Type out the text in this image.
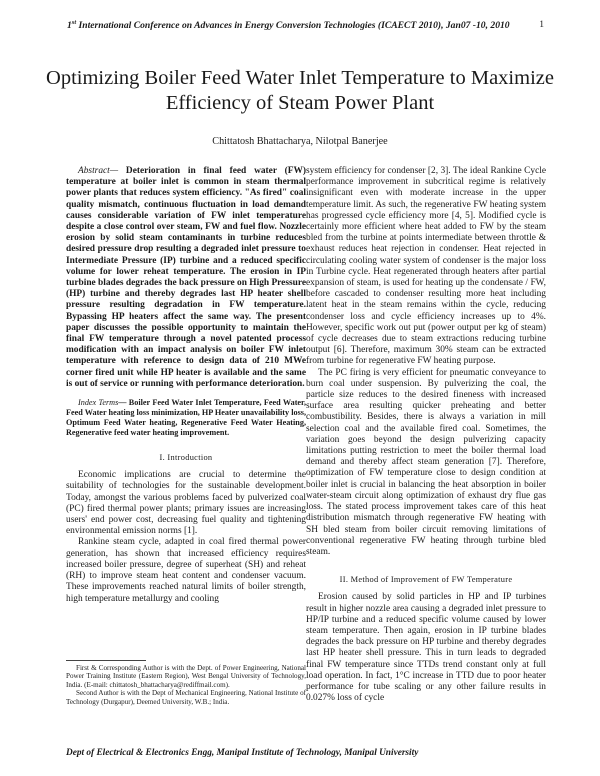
1st International Conference on Advances in Energy Conversion Technologies (ICAECT 2010), Jan07 -10, 2010	1
Optimizing Boiler Feed Water Inlet Temperature to Maximize Efficiency of Steam Power Plant
Chittatosh Bhattacharya, Nilotpal Banerjee

Abstract— Deterioration in final feed water (FW) temperature at boiler inlet is common in steam thermal power plants that reduces system efficiency. "As fired" coal quality mismatch, continuous fluctuation in load demand causes considerable variation of FW inlet temperature despite a close control over steam, FW and fuel flow. Nozzle erosion by solid steam contaminants in turbine reduces desired pressure drop resulting a degraded inlet pressure to Intermediate Pressure (IP) turbine and a reduced specific volume for lower reheat temperature. The erosion in IP turbine blades degrades the back pressure on High Pressure (HP) turbine and thereby degrades last HP heater shell pressure resulting degradation in FW temperature. Bypassing HP heaters affect the same way. The present paper discusses the possible opportunity to maintain the final FW temperature through a novel patented process modification with an impact analysis on boiler FW inlet temperature with reference to design data of 210 MWe corner fired unit while HP heater is available and the same is out of service or running with performance deterioration.

Index Terms— Boiler Feed Water Inlet Temperature, Feed Water, Feed Water heating loss minimization, HP Heater unavailability loss, Optimum Feed Water heating, Regenerative Feed Water Heating, Regenerative feed water heating improvement.

I. Introduction

Economic implications are crucial to determine the suitability of technologies for the sustainable development. Today, amongst the various problems faced by pulverized coal (PC) fired thermal power plants; primary issues are increasing users' end power cost, decreasing fuel quality and tightening environmental emission norms [1].

Rankine steam cycle, adapted in coal fired thermal power generation, has shown that increased efficiency requires increased boiler pressure, degree of superheat (SH) and reheat (RH) to improve steam heat content and condenser vacuum. These improvements reached natural limits of boiler strength, high temperature metallurgy and cooling

First & Corresponding Author is with the Dept. of Power Engineering, National Power Training Institute (Eastern Region), West Bengal University of Technology, India. (E-mail: chittatosh_bhattacharya@rediffmail.com).

Second Author is with the Dept of Mechanical Engineering, National Institute of Technology (Durgapur), Deemed University, W.B.; India.

system efficiency for condenser [2, 3]. The ideal Rankine Cycle performance improvement in subcritical regime is relatively insignificant even with moderate increase in the upper temperature limit. As such, the regenerative FW heating system has progressed cycle efficiency more [4, 5]. Modified cycle is certainly more efficient where heat added to FW by the steam bled from the turbine at points intermediate between throttle & exhaust reduces heat rejection in condenser. Heat rejected in circulating cooling water system of condenser is the major loss in Turbine cycle. Heat regenerated through heaters after partial expansion of steam, is used for heating up the condensate / FW, before cascaded to condenser resulting more heat including latent heat in the steam remains within the cycle, reducing condenser loss and cycle efficiency increases up to 4%. However, specific work out put (power output per kg of steam) of cycle decreases due to steam extractions reducing turbine output [6]. Therefore, maximum 30% steam can be extracted from turbine for regenerative FW heating purpose.

The PC firing is very efficient for pneumatic conveyance to burn coal under suspension. By pulverizing the coal, the particle size reduces to the desired fineness with increased surface area resulting quicker preheating and better combustibility. Besides, there is always a variation in mill selection coal and the available fired coal. Sometimes, the variation goes beyond the design pulverizing capacity limitations putting restriction to meet the boiler thermal load demand and thereby affect steam generation [7]. Therefore, optimization of FW temperature close to design condition at boiler inlet is crucial in balancing the heat absorption in boiler water-steam circuit along optimization of exhaust dry flue gas loss. The stated process improvement takes care of this heat distribution mismatch through regenerative FW heating with SH bled steam from boiler circuit removing limitations of conventional regenerative FW heating through turbine bled steam.

II. Method of Improvement of FW Temperature

Erosion caused by solid particles in HP and IP turbines result in higher nozzle area causing a degraded inlet pressure to HP/IP turbine and a reduced specific volume caused by lower steam temperature. Then again, erosion in IP turbine blades degrades the back pressure on HP turbine and thereby degrades last HP heater shell pressure. This in turn leads to degraded final FW temperature since TTDs trend constant only at full load operation. In fact, 1°C increase in TTD due to poor heater performance for tube scaling or any other failure results in 0.027% loss of cycle

Dept of Electrical & Electronics Engg, Manipal Institute of Technology, Manipal University
